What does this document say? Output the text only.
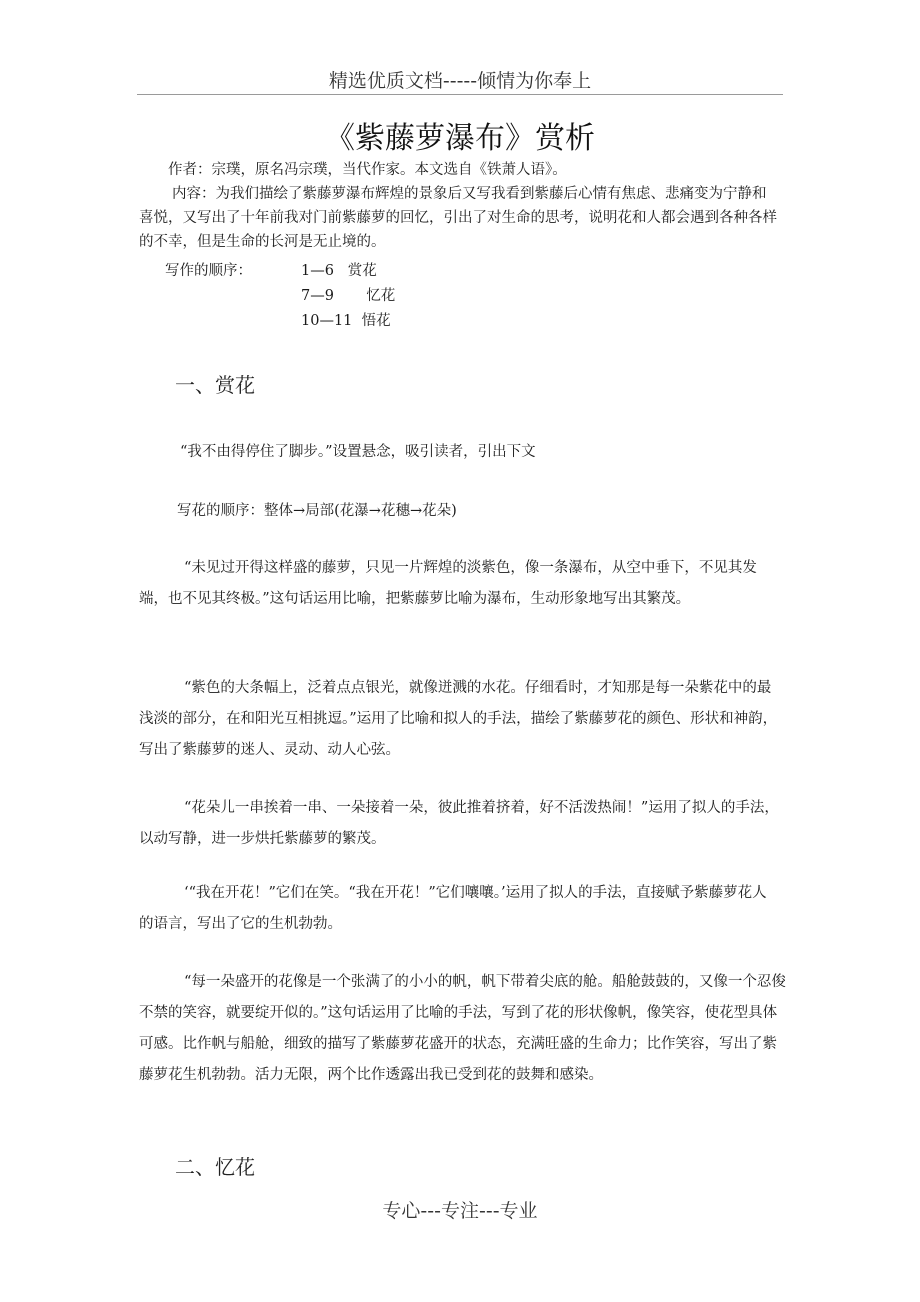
精选优质文档-----倾情为你奉上
《紫藤萝瀑布》赏析
作者：宗璞，原名冯宗璞，当代作家。本文选自《铁萧人语》。
内容：为我们描绘了紫藤萝瀑布辉煌的景象后又写我看到紫藤后心情有焦虑、悲痛变为宁静和喜悦，又写出了十年前我对门前紫藤萝的回忆，引出了对生命的思考，说明花和人都会遇到各种各样的不幸，但是生命的长河是无止境的。
写作的顺序：	1—6   赏花
7—9       忆花
10—11  悟花
一、赏花
“我不由得停住了脚步。”设置悬念，吸引读者，引出下文
写花的顺序：整体→局部(花瀑→花穗→花朵)
“未见过开得这样盛的藤萝，只见一片辉煌的淡紫色，像一条瀑布，从空中垂下，不见其发端，也不见其终极。”这句话运用比喻，把紫藤萝比喻为瀑布，生动形象地写出其繁茂。
“紫色的大条幅上，泛着点点银光，就像迸溅的水花。仔细看时，才知那是每一朵紫花中的最浅淡的部分，在和阳光互相挑逗。”运用了比喻和拟人的手法，描绘了紫藤萝花的颜色、形状和神韵，写出了紫藤萝的迷人、灵动、动人心弦。
“花朵儿一串挨着一串、一朵接着一朵，彼此推着挤着，好不活泼热闹！”运用了拟人的手法，以动写静，进一步烘托紫藤萝的繁茂。
‘“我在开花！”它们在笑。“我在开花！”它们嚷嚷。’运用了拟人的手法，直接赋予紫藤萝花人的语言，写出了它的生机勃勃。
“每一朵盛开的花像是一个张满了的小小的帆，帆下带着尖底的舱。船舱鼓鼓的，又像一个忍俊不禁的笑容，就要绽开似的。”这句话运用了比喻的手法，写到了花的形状像帆，像笑容，使花型具体可感。比作帆与船舱，细致的描写了紫藤萝花盛开的状态，充满旺盛的生命力；比作笑容，写出了紫藤萝花生机勃勃。活力无限，两个比作透露出我已受到花的鼓舞和感染。
二、忆花
专心---专注---专业
